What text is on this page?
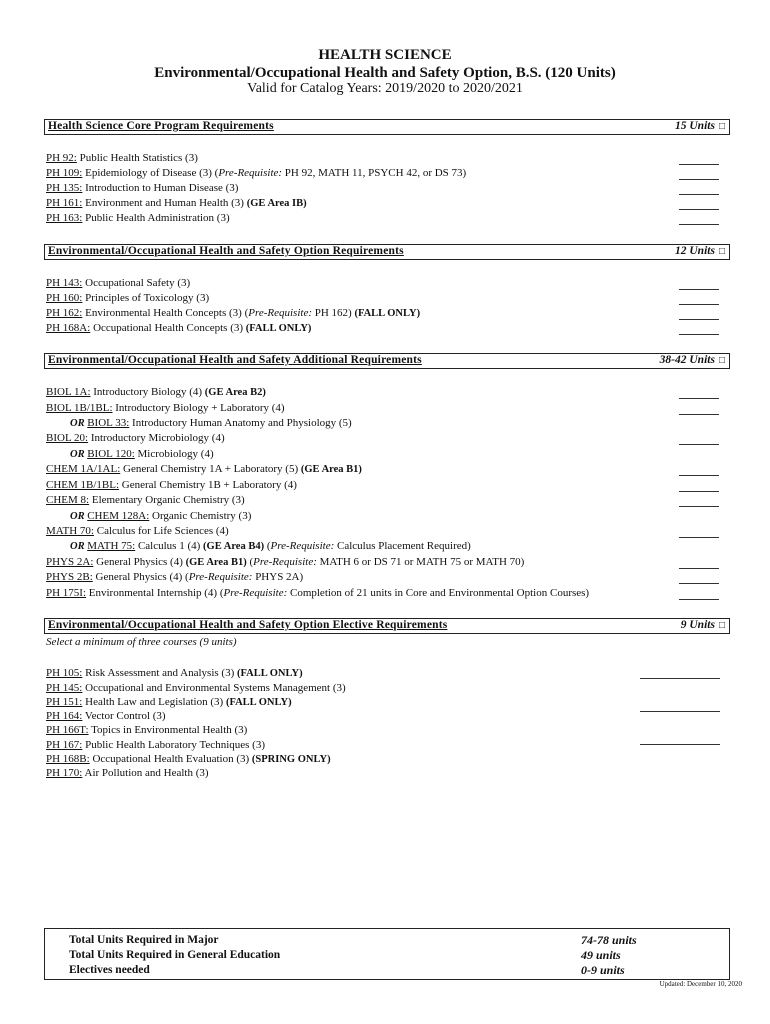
HEALTH SCIENCE
Environmental/Occupational Health and Safety Option, B.S. (120 Units)
Valid for Catalog Years: 2019/2020 to 2020/2021
Health Science Core Program Requirements	15 Units □
PH 92: Public Health Statistics (3)
PH 109: Epidemiology of Disease (3) (Pre-Requisite: PH 92, MATH 11, PSYCH 42, or DS 73)
PH 135: Introduction to Human Disease (3)
PH 161: Environment and Human Health (3) (GE Area IB)
PH 163: Public Health Administration (3)
Environmental/Occupational Health and Safety Option Requirements	12 Units □
PH 143: Occupational Safety (3)
PH 160: Principles of Toxicology (3)
PH 162: Environmental Health Concepts (3) (Pre-Requisite: PH 162) (FALL ONLY)
PH 168A: Occupational Health Concepts (3) (FALL ONLY)
Environmental/Occupational Health and Safety Additional Requirements	38-42 Units □
BIOL 1A: Introductory Biology (4) (GE Area B2)
BIOL 1B/1BL: Introductory Biology + Laboratory (4)
OR BIOL 33: Introductory Human Anatomy and Physiology (5)
BIOL 20: Introductory Microbiology (4)
OR BIOL 120: Microbiology (4)
CHEM 1A/1AL: General Chemistry 1A + Laboratory (5) (GE Area B1)
CHEM 1B/1BL: General Chemistry 1B + Laboratory (4)
CHEM 8: Elementary Organic Chemistry (3)
OR CHEM 128A: Organic Chemistry (3)
MATH 70: Calculus for Life Sciences (4)
OR MATH 75: Calculus 1 (4) (GE Area B4) (Pre-Requisite: Calculus Placement Required)
PHYS 2A: General Physics (4) (GE Area B1) (Pre-Requisite: MATH 6 or DS 71 or MATH 75 or MATH 70)
PHYS 2B: General Physics (4) (Pre-Requisite: PHYS 2A)
PH 175I: Environmental Internship (4) (Pre-Requisite: Completion of 21 units in Core and Environmental Option Courses)
Environmental/Occupational Health and Safety Option Elective Requirements	9 Units □
Select a minimum of three courses (9 units)
PH 105: Risk Assessment and Analysis (3) (FALL ONLY)
PH 145: Occupational and Environmental Systems Management (3)
PH 151: Health Law and Legislation (3) (FALL ONLY)
PH 164: Vector Control (3)
PH 166T: Topics in Environmental Health (3)
PH 167: Public Health Laboratory Techniques (3)
PH 168B: Occupational Health Evaluation (3) (SPRING ONLY)
PH 170: Air Pollution and Health (3)
Total Units Required in Major	74-78 units
Total Units Required in General Education	49 units
Electives needed	0-9 units
Updated: December 10, 2020
